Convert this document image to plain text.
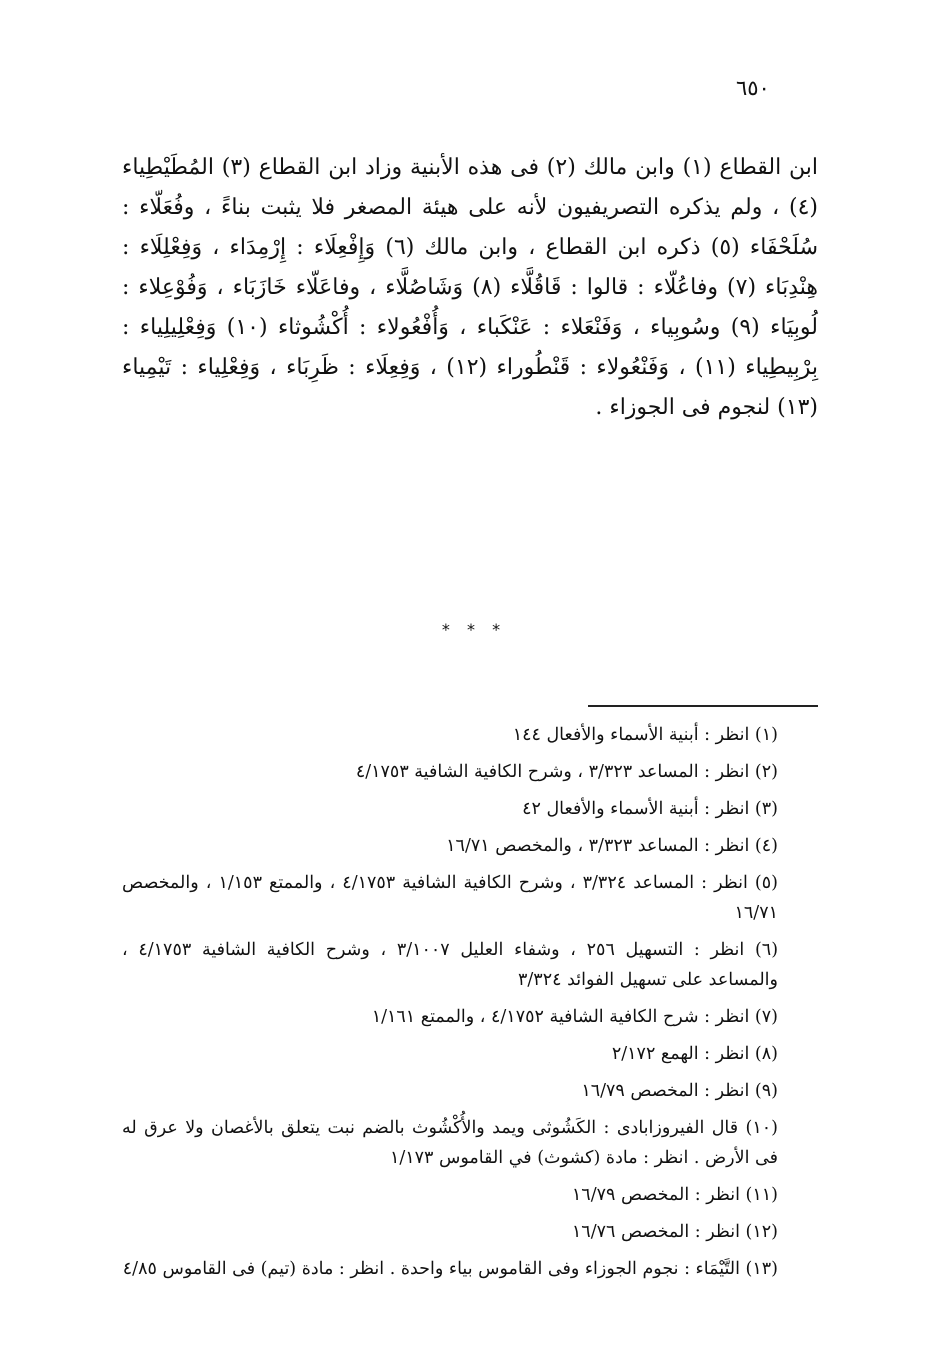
٦٥٠

ابن القطاع (١) وابن مالك (٢) فى هذه الأبنية وزاد ابن القطاع (٣) المُطَيْطِياء (٤) ، ولم يذكره التصريفيون لأنه على هيئة المصغر فلا يثبت بناءً ، وفُعَلّاء : سُلَحْفَاء (٥) ذكره ابن القطاع ، وابن مالك (٦) وَإِفْعِلَاء : إِرْمِدَاء ، وَفِعْلِلَاء : هِنْدِبَاء (٧) وفاعُلّاء : قالوا : قَاقُلَّاء (٨) وَشَاصُلَّاء ، وفاعَلّاء خَازَبَاء ، وَفُوْعِلاء : لُوبِيَاء (٩) وسُوبِياء ، وَفَنْعَلاء : عَنْكَباء ، وَأُفْعُولاء : أُكْشُوثاء (١٠) وَفِعْلِيلِياء : بِرْبِيطِياء (١١) ، وَفَنْعُولاء : قَنْطُوراء (١٢) ، وَفِعِلَاء : ظَرِبَاء ، وَفِعْلِياء : تَيْمِياء (١٣) لنجوم فى الجوزاء .

* * *

(١) انظر : أبنية الأسماء والأفعال ١٤٤

(٢) انظر : المساعد ٣/٣٢٣ ، وشرح الكافية الشافية ٤/١٧٥٣

(٣) انظر : أبنية الأسماء والأفعال ٤٢

(٤) انظر : المساعد ٣/٣٢٣ ، والمخصص ١٦/٧١

(٥) انظر : المساعد ٣/٣٢٤ ، وشرح الكافية الشافية ٤/١٧٥٣ ، والممتع ١/١٥٣ ، والمخصص ١٦/٧١

(٦) انظر : التسهيل ٢٥٦ ، وشفاء العليل ٣/١٠٠٧ ، وشرح الكافية الشافية ٤/١٧٥٣ ، والمساعد على تسهيل الفوائد ٣/٣٢٤

(٧) انظر : شرح الكافية الشافية ٤/١٧٥٢ ، والممتع ١/١٦١

(٨) انظر : الهمع ٢/١٧٢

(٩) انظر : المخصص ١٦/٧٩

(١٠) قال الفيروزابادى : الكَشُوثى ويمد والأُكْشُوث بالضم نبت يتعلق بالأغصان ولا عرق له فى الأرض . انظر : مادة (كشوث) في القاموس ١/١٧٣

(١١) انظر : المخصص ١٦/٧٩

(١٢) انظر : المخصص ١٦/٧٦

(١٣) التَّيْمَاء : نجوم الجوزاء وفى القاموس بياء واحدة . انظر : مادة (تيم) فى القاموس ٤/٨٥
